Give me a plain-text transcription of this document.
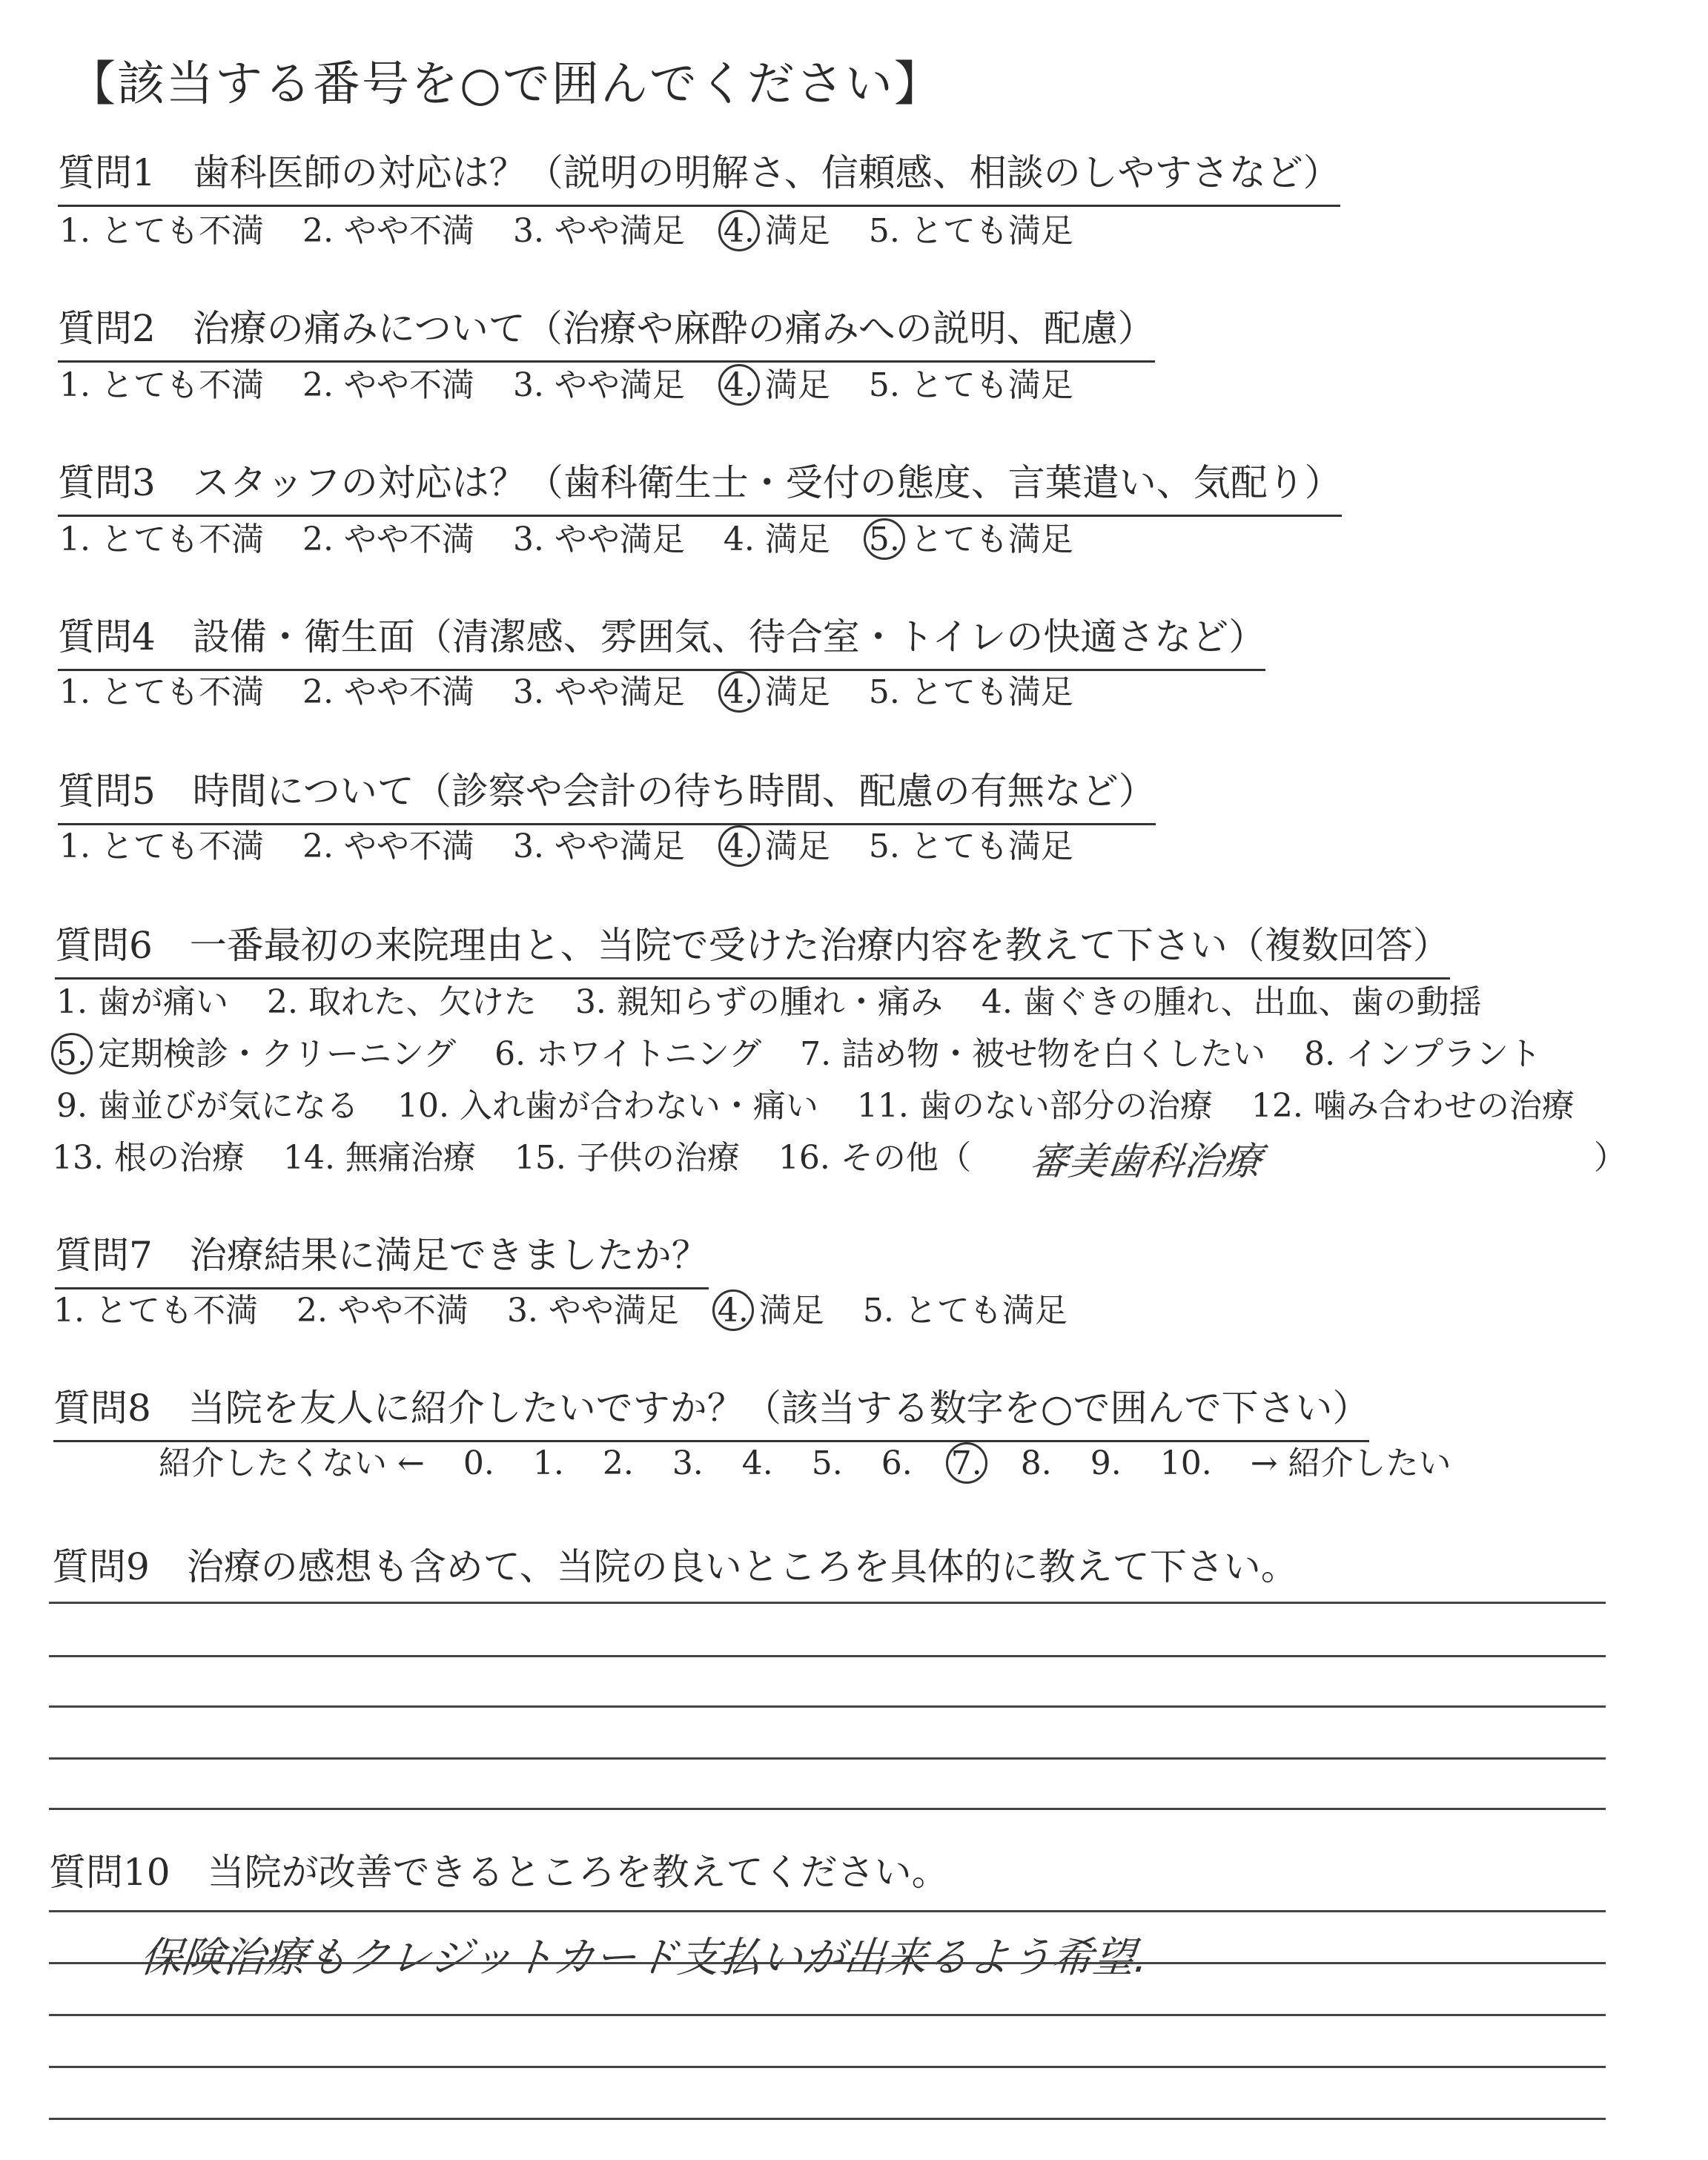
【該当する番号を○で囲んでください】
質問1　歯科医師の対応は？（説明の明解さ、信頼感、相談のしやすさなど）
1. とても不満 2. やや不満 3. やや満足 4. 満足 5. とても満足
質問2　治療の痛みについて（治療や麻酔の痛みへの説明、配慮）
1. とても不満 2. やや不満 3. やや満足 4. 満足 5. とても満足
質問3　スタッフの対応は？（歯科衛生士・受付の態度、言葉遣い、気配り）
1. とても不満 2. やや不満 3. やや満足 4. 満足 5. とても満足
質問4　設備・衛生面（清潔感、雰囲気、待合室・トイレの快適さなど）
1. とても不満 2. やや不満 3. やや満足 4. 満足 5. とても満足
質問5　時間について（診察や会計の待ち時間、配慮の有無など）
1. とても不満 2. やや不満 3. やや満足 4. 満足 5. とても満足
質問6　一番最初の来院理由と、当院で受けた治療内容を教えて下さい（複数回答）
1. 歯が痛い 2. 取れた、欠けた 3. 親知らずの腫れ・痛み 4. 歯ぐきの腫れ、出血、歯の動揺
5. 定期検診・クリーニング 6. ホワイトニング 7. 詰め物・被せ物を白くしたい 8. インプラント
9. 歯並びが気になる 10. 入れ歯が合わない・痛い 11. 歯のない部分の治療 12. 噛み合わせの治療
13. 根の治療 14. 無痛治療 15. 子供の治療 16. その他（	審美歯科治療	）
質問7　治療結果に満足できましたか？
1. とても不満 2. やや不満 3. やや満足 4. 満足 5. とても満足
質問8　当院を友人に紹介したいですか？（該当する数字を○で囲んで下さい）
紹介したくない ← 0. 1. 2. 3. 4. 5. 6. 7. 8. 9. 10. → 紹介したい
質問9　治療の感想も含めて、当院の良いところを具体的に教えて下さい。
質問10　当院が改善できるところを教えてください。
保険治療もクレジットカード支払いが出来るよう希望.
